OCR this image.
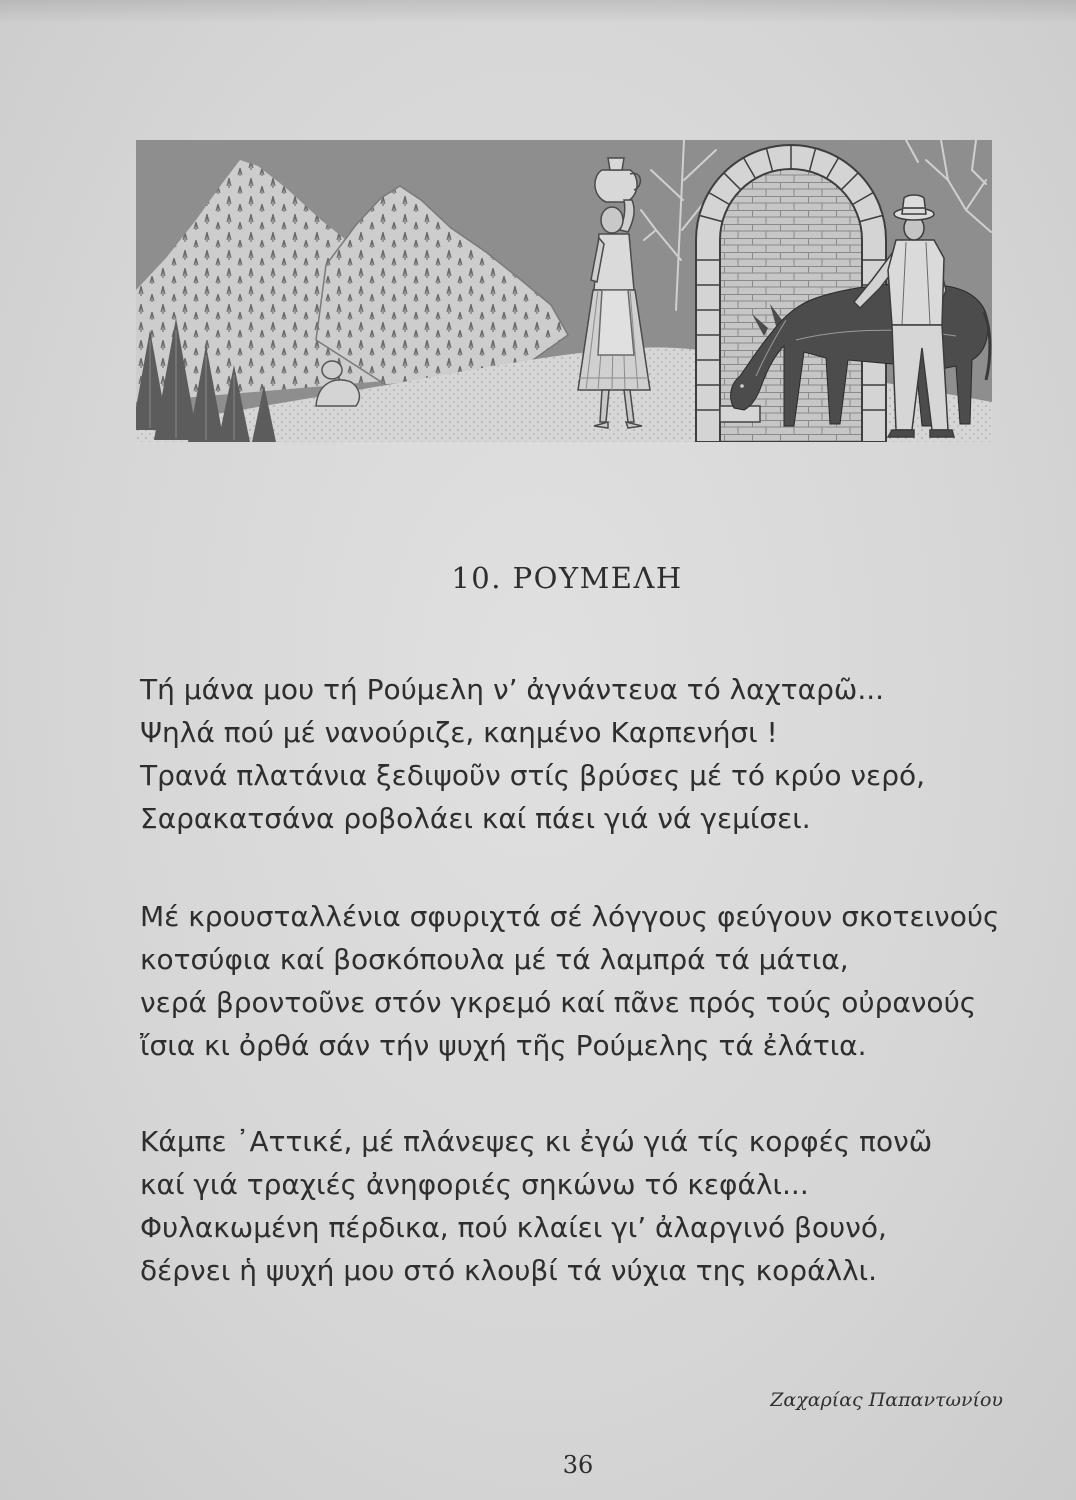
10. ΡΟΥΜΕΛΗ
Τή μάνα μου τή Ρούμελη ν’ ἀγνάντευα τό λαχταρῶ...
Ψηλά πού μέ νανούριζε, καημένο Καρπενήσι !
Τρανά πλατάνια ξεδιψοῦν στίς βρύσες μέ τό κρύο νερό,
Σαρακατσάνα ροβολάει καί πάει γιά νά γεμίσει.
Μέ κρουσταλλένια σφυριχτά σέ λόγγους φεύγουν σκοτεινούς
κοτσύφια καί βοσκόπουλα μέ τά λαμπρά τά μάτια,
νερά βροντοῦνε στόν γκρεμό καί πᾶνε πρός τούς οὐρανούς
ἴσια κι ὀρθά σάν τήν ψυχή τῆς Ρούμελης τά ἐλάτια.
Κάμπε ᾿Αττικέ, μέ πλάνεψες κι ἐγώ γιά τίς κορφές πονῶ
καί γιά τραχιές ἀνηφοριές σηκώνω τό κεφάλι...
Φυλακωμένη πέρδικα, πού κλαίει γι’ ἀλαργινό βουνό,
δέρνει ἡ ψυχή μου στό κλουβί τά νύχια της κοράλλι.
Ζαχαρίας Παπαντωνίου
36
